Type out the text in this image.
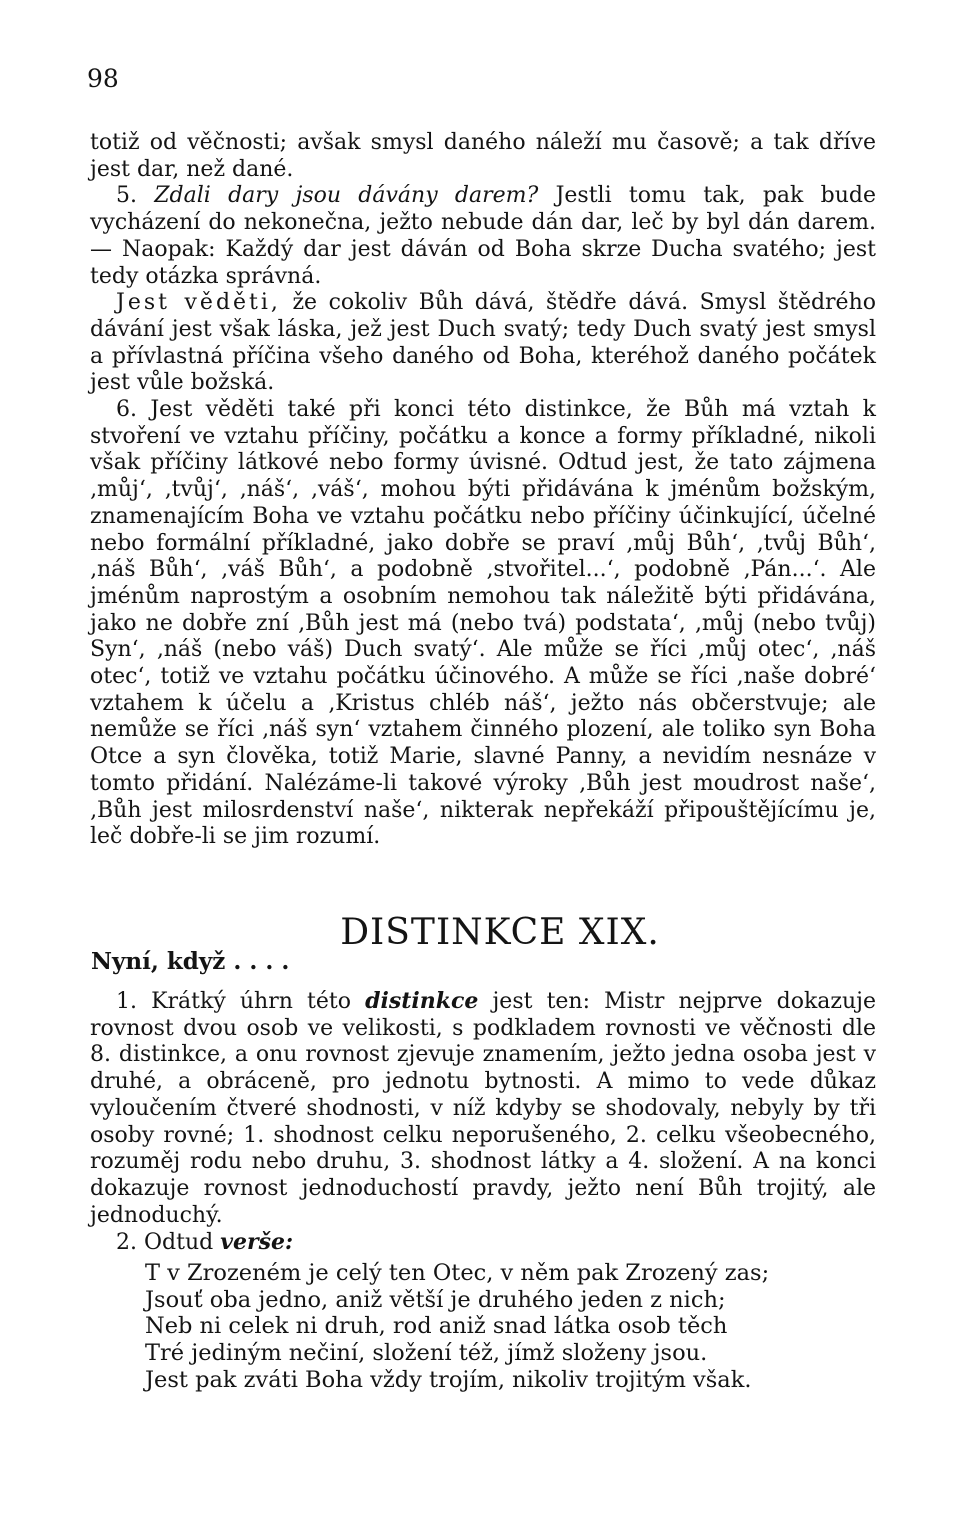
98

totiž od věčnosti; avšak smysl daného náleží mu časově; a tak dříve jest dar, než dané.

5. Zdali dary jsou dávány darem? Jestli tomu tak, pak bude vycházení do nekonečna, ježto nebude dán dar, leč by byl dán darem. — Naopak: Každý dar jest dáván od Boha skrze Ducha svatého; jest tedy otázka správná.

Jest věděti, že cokoliv Bůh dává, štědře dává. Smysl štědrého dávání jest však láska, jež jest Duch svatý; tedy Duch svatý jest smysl a přívlastná příčina všeho daného od Boha, kteréhož daného počátek jest vůle božská.

6. Jest věděti také při konci této distinkce, že Bůh má vztah k stvoření ve vztahu příčiny, počátku a konce a formy příkladné, nikoli však příčiny látkové nebo formy úvisné. Odtud jest, že tato zájmena ‚můj‘, ‚tvůj‘, ‚náš‘, ‚váš‘, mohou býti přidávána k jménům božským, znamenajícím Boha ve vztahu počátku nebo příčiny účinkující, účelné nebo formální příkladné, jako dobře se praví ‚můj Bůh‘, ‚tvůj Bůh‘, ‚náš Bůh‘, ‚váš Bůh‘, a podobně ‚stvořitel...‘, podobně ‚Pán...‘. Ale jménům naprostým a osobním nemohou tak náležitě býti přidávána, jako ne dobře zní ‚Bůh jest má (nebo tvá) podstata‘, ‚můj (nebo tvůj) Syn‘, ‚náš (nebo váš) Duch svatý‘. Ale může se říci ‚můj otec‘, ‚náš otec‘, totiž ve vztahu počátku účinového. A může se říci ‚naše dobré‘ vztahem k účelu a ‚Kristus chléb náš‘, ježto nás občerstvuje; ale nemůže se říci ‚náš syn‘ vztahem činného plození, ale toliko syn Boha Otce a syn člověka, totiž Marie, slavné Panny, a nevidím nesnáze v tomto přidání. Nalézáme-li takové výroky ‚Bůh jest moudrost naše‘, ‚Bůh jest milosrdenství naše‘, nikterak nepřekáží připouštějícímu je, leč dobře-li se jim rozumí.

DISTINKCE XIX.
Nyní, když . . . .

1. Krátký úhrn této distinkce jest ten: Mistr nejprve dokazuje rovnost dvou osob ve velikosti, s podkladem rovnosti ve věčnosti dle 8. distinkce, a onu rovnost zjevuje znamením, ježto jedna osoba jest v druhé, a obráceně, pro jednotu bytnosti. A mimo to vede důkaz vyloučením čtveré shodnosti, v níž kdyby se shodovaly, nebyly by tři osoby rovné; 1. shodnost celku neporušeného, 2. celku všeobecného, rozuměj rodu nebo druhu, 3. shodnost látky a 4. složení. A na konci dokazuje rovnost jednoduchostí pravdy, ježto není Bůh trojitý, ale jednoduchý.

2. Odtud verše:

T v Zrozeném je celý ten Otec, v něm pak Zrozený zas;
Jsouť oba jedno, aniž větší je druhého jeden z nich;
Neb ni celek ni druh, rod aniž snad látka osob těch
Tré jediným nečiní, složení též, jímž složeny jsou.
Jest pak zváti Boha vždy trojím, nikoliv trojitým však.
